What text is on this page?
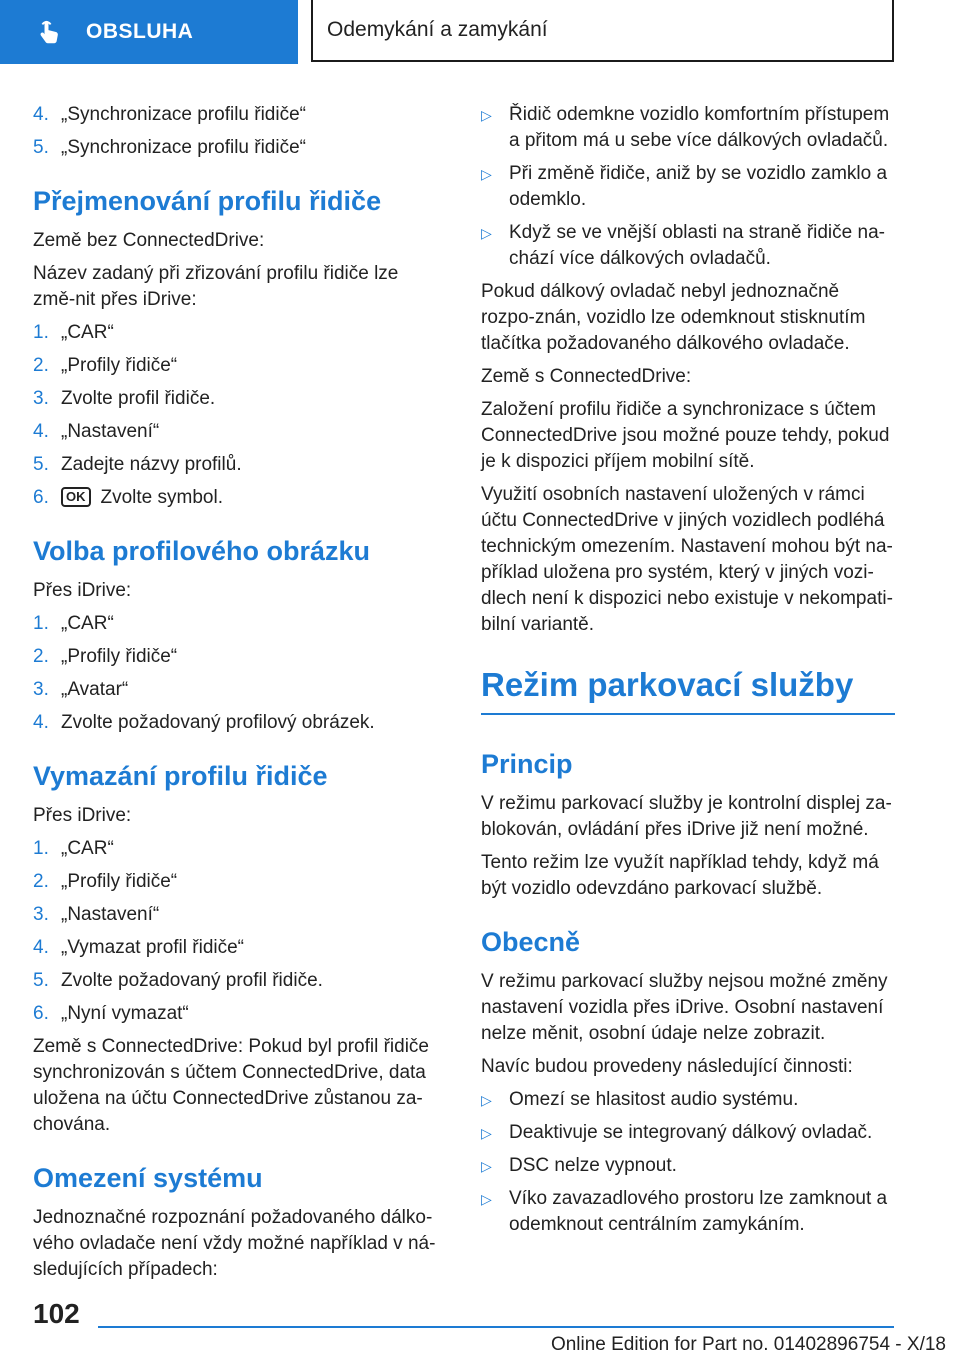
OBSLUHA	Odemykání a zamykání
4. „Synchronizace profilu řidiče“
5. „Synchronizace profilu řidiče“
Přejmenování profilu řidiče

Země bez ConnectedDrive:

Název zadaný při zřizování profilu řidiče lze změ‐nit přes iDrive:

1. „CAR“
2. „Profily řidiče“
3. Zvolte profil řidiče.
4. „Nastavení“
5. Zadejte názvy profilů.
6.	OK Zvolte symbol.
Volba profilového obrázku

Přes iDrive:

1. „CAR“
2. „Profily řidiče“
3. „Avatar“
4. Zvolte požadovaný profilový obrázek.
Vymazání profilu řidiče

Přes iDrive:

1. „CAR“
2. „Profily řidiče“
3. „Nastavení“
4. „Vymazat profil řidiče“
5. Zvolte požadovaný profil řidiče.
6. „Nyní vymazat“

Země s ConnectedDrive: Pokud byl profil řidiče synchronizován s účtem ConnectedDrive, data uložena na účtu ConnectedDrive zůstanou za‐chována.

Omezení systému

Jednoznačné rozpoznání požadovaného dálko‐vého ovladače není vždy možné například v ná‐sledujících případech:

▷ Řidič odemkne vozidlo komfortním přístupem a přitom má u sebe více dálkových ovladačů.
▷ Při změně řidiče, aniž by se vozidlo zamklo a odemklo.
▷ Když se ve vnější oblasti na straně řidiče na‐chází více dálkových ovladačů.

Pokud dálkový ovladač nebyl jednoznačně rozpo‐znán, vozidlo lze odemknout stisknutím tlačítka požadovaného dálkového ovladače.

Země s ConnectedDrive:

Založení profilu řidiče a synchronizace s účtem ConnectedDrive jsou možné pouze tehdy, pokud je k dispozici příjem mobilní sítě.

Využití osobních nastavení uložených v rámci účtu ConnectedDrive v jiných vozidlech podléhá technickým omezením. Nastavení mohou být na‐příklad uložena pro systém, který v jiných vozi‐dlech není k dispozici nebo existuje v nekompati‐bilní variantě.

Režim parkovací služby
Princip

V režimu parkovací služby je kontrolní displej za‐blokován, ovládání přes iDrive již není možné.

Tento režim lze využít například tehdy, když má být vozidlo odevzdáno parkovací službě.

Obecně

V režimu parkovací služby nejsou možné změny nastavení vozidla přes iDrive. Osobní nastavení nelze měnit, osobní údaje nelze zobrazit.

Navíc budou provedeny následující činnosti:

▷ Omezí se hlasitost audio systému.
▷ Deaktivuje se integrovaný dálkový ovladač.
▷ DSC nelze vypnout.
▷ Víko zavazadlového prostoru lze zamknout a odemknout centrálním zamykáním.
102
Online Edition for Part no. 01402896754 - X/18
